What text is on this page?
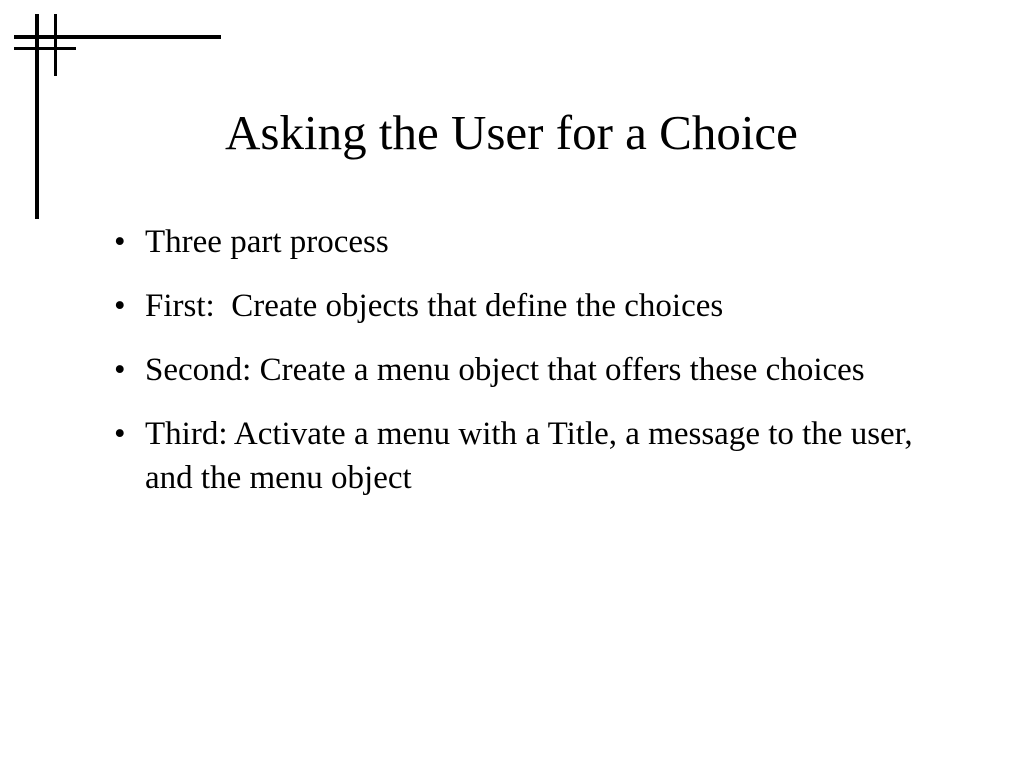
Asking the User for a Choice
• Three part process
• First:  Create objects that define the choices
• Second: Create a menu object that offers these choices
• Third: Activate a menu with a Title, a message to the user, and the menu object
